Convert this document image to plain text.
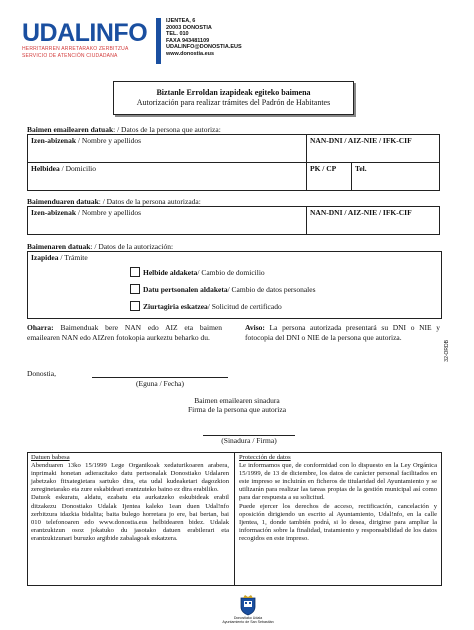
UDALINFO
HERRITARREN ARRETARAKO ZERBITZUA
SERVICIO DE ATENCIÓN CIUDADANA
IJENTEA, 6
20003 DONOSTIA
TEL. 010
FAXA 943481109
UDALINFO@DONOSTIA.EUS
www.donostia.eus
Biztanle Erroldan izapideak egiteko baimena
Autorización para realizar trámites del Padrón de Habitantes
Baimen emailearen datuak: / Datos de la persona que autoriza:
Izen-abizenak / Nombre y apellidos	NAN-DNI / AIZ-NIE / IFK-CIF	
Helbidea / Domicilio	PK / CP	Tel.
Baimenduaren datuak: / Datos de la persona autorizada:
Izen-abizenak / Nombre y apellidos	NAN-DNI / AIZ-NIE / IFK-CIF
Baimenaren datuak: / Datos de la autorización:
Izapidea / Trámite
Helbide aldaketa / Cambio de domicilio
Datu pertsonalen aldaketa / Cambio de datos personales
Ziurtagiria eskatzea / Solicitud de certificado
Oharra: Baimenduak bere NAN edo AIZ eta baimen emailearen NAN edo AIZren fotokopia aurkeztu beharko du.
Aviso: La persona autorizada presentará su DNI o NIE y fotocopia del DNI o NIE de la persona que autoriza.
Donostia,
(Eguna / Fecha)
Baimen emailearen sinadura
Firma de la persona que autoriza
(Sinadura / Firma)
Datuen babesa
Abenduaren 13ko 15/1999 Lege Organikoak xedaturikoaren arabera, inprimaki honetan adierazitako datu pertsonalak Donostiako Udalaren jabetzako fitxategietara sartuko dira, eta udal kudeaketari dagozkion zereginetarako eta zure eskabideari erantzuteko baino ez dira erabiliko.
Datuok eskuratu, aldatu, ezabatu eta aurkatzeko eskubideak erabil ditzakezu Donostiako Udalak Ijentea kaleko 1ean duen Udal!nfo zerbitzura idazkia bidalita; baita bulego horretara jo ere, bai bertan, bai 010 telefonoaren edo www.donostia.eus helbidearen bidez. Udalak erantzukizun osoz jokatuko du jasotako datuen erabilerari eta erantzukizunari buruzko argibide zabalagoak eskatzera.
Protección de datos
Le informamos que, de conformidad con lo dispuesto en la Ley Orgánica 15/1999, de 13 de diciembre, los datos de carácter personal facilitados en este impreso se incluirán en ficheros de titularidad del Ayuntamiento y se utilizarán para realizar las tareas propias de la gestión municipal así como para dar respuesta a su solicitud.
Puede ejercer los derechos de acceso, rectificación, cancelación y oposición dirigiendo un escrito al Ayuntamiento, Udal!nfo, en la calle Ijentea, 1, donde también podrá, si lo desea, dirigirse para ampliar la información sobre la finalidad, tratamiento y responsabilidad de los datos recogidos en este impreso.
32-ORDB
Donostiako Udala
Ayuntamiento de San Sebastián
